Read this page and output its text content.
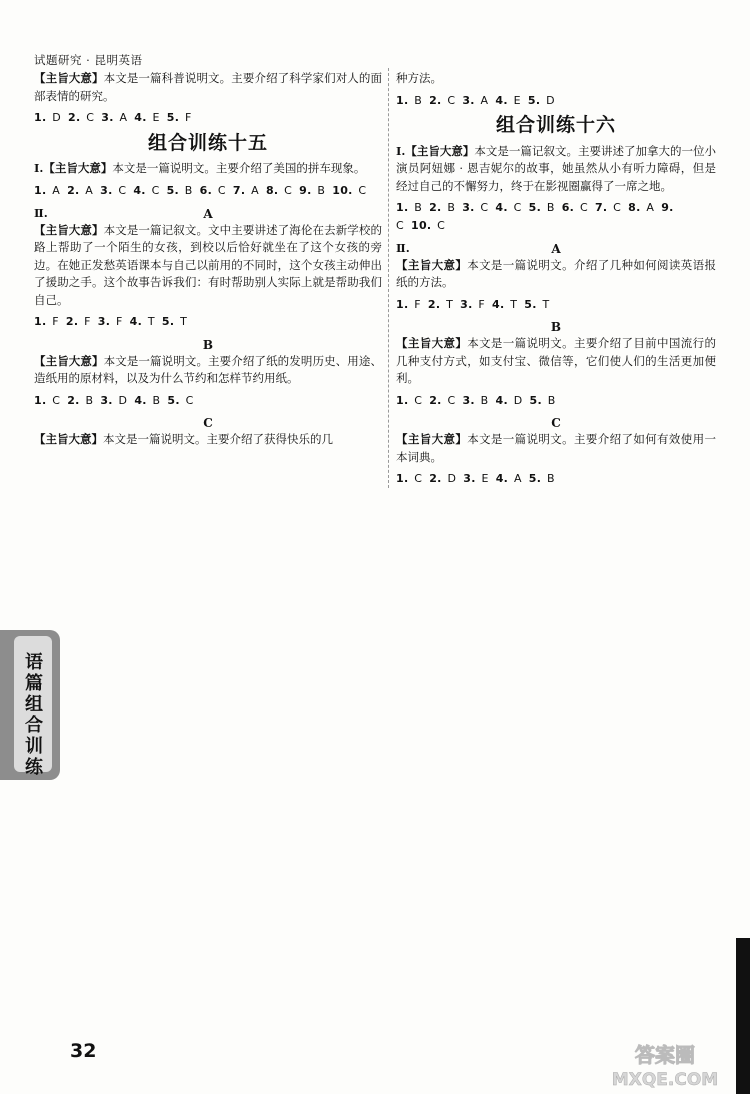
试题研究 · 昆明英语

【主旨大意】本文是一篇科普说明文。主要介绍了科学家们对人的面部表情的研究。

1. D 2. C 3. A 4. E 5. F

组合训练十五

Ⅰ.【主旨大意】本文是一篇说明文。主要介绍了美国的拼车现象。

1. A 2. A 3. C 4. C 5. B 6. C 7. A 8. C 9. B 10. C

Ⅱ.	A

【主旨大意】本文是一篇记叙文。文中主要讲述了海伦在去新学校的路上帮助了一个陌生的女孩，到校以后恰好就坐在了这个女孩的旁边。在她正发愁英语课本与自己以前用的不同时，这个女孩主动伸出了援助之手。这个故事告诉我们：有时帮助别人实际上就是帮助我们自己。

1. F 2. F 3. F 4. T 5. T

B

【主旨大意】本文是一篇说明文。主要介绍了纸的发明历史、用途、造纸用的原材料，以及为什么节约和怎样节约用纸。

1. C 2. B 3. D 4. B 5. C

C

【主旨大意】本文是一篇说明文。主要介绍了获得快乐的几

种方法。

1. B 2. C 3. A 4. E 5. D

组合训练十六

Ⅰ.【主旨大意】本文是一篇记叙文。主要讲述了加拿大的一位小演员阿妞娜 · 恩吉妮尔的故事，她虽然从小有听力障碍，但是经过自己的不懈努力，终于在影视圈赢得了一席之地。

1. B 2. B 3. C 4. C 5. B 6. C 7. C 8. A 9. C 10. C

Ⅱ.	A

【主旨大意】本文是一篇说明文。介绍了几种如何阅读英语报纸的方法。

1. F 2. T 3. F 4. T 5. T

B

【主旨大意】本文是一篇说明文。主要介绍了目前中国流行的几种支付方式，如支付宝、微信等，它们使人们的生活更加便利。

1. C 2. C 3. B 4. D 5. B

C

【主旨大意】本文是一篇说明文。主要介绍了如何有效使用一本词典。

1. C 2. D 3. E 4. A 5. B

语篇组合训练
32	答案圈
MXQE.COM
